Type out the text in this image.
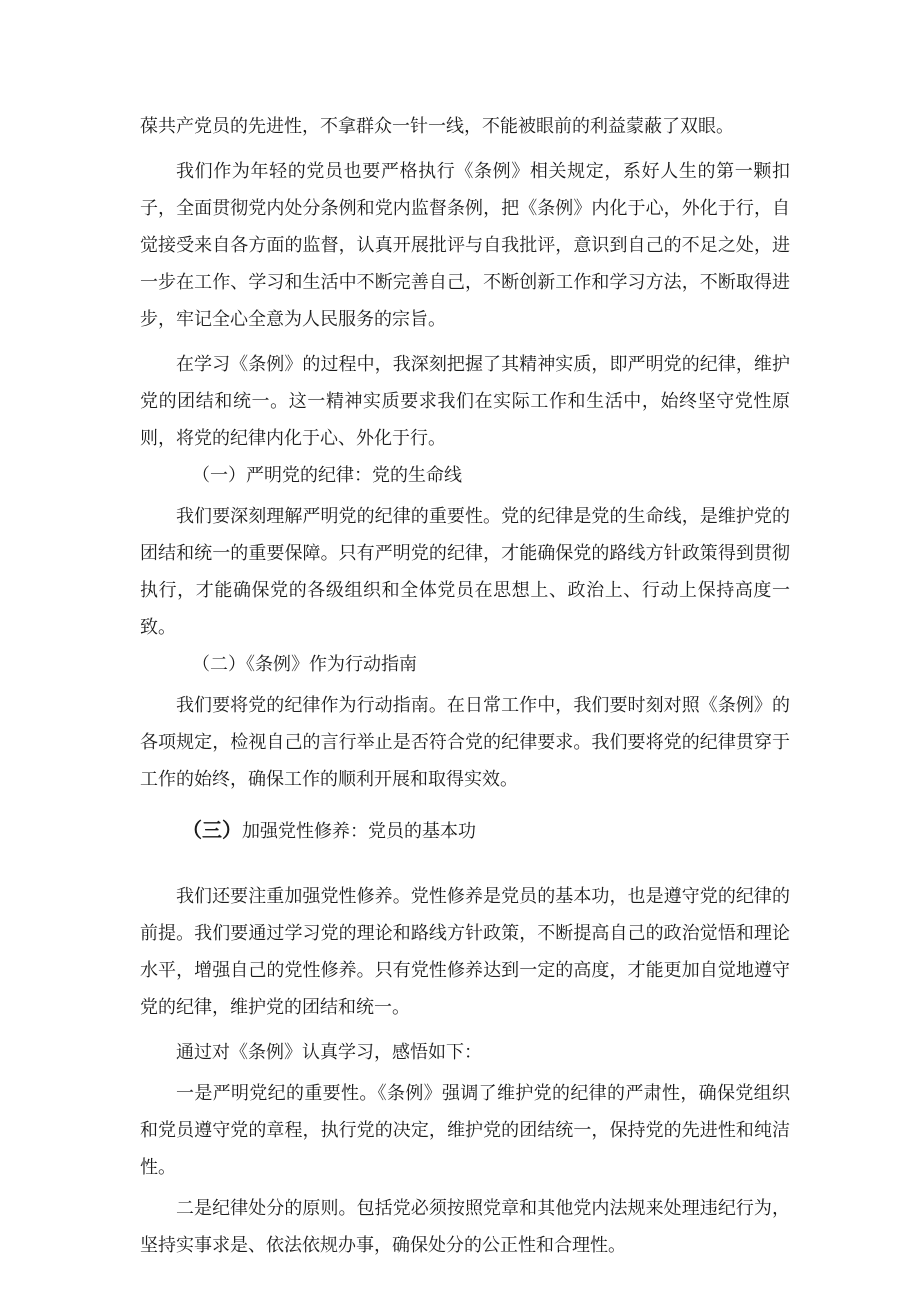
葆共产党员的先进性，不拿群众一针一线，不能被眼前的利益蒙蔽了双眼。

我们作为年轻的党员也要严格执行《条例》相关规定，系好人生的第一颗扣子，全面贯彻党内处分条例和党内监督条例，把《条例》内化于心，外化于行，自觉接受来自各方面的监督，认真开展批评与自我批评，意识到自己的不足之处，进一步在工作、学习和生活中不断完善自己，不断创新工作和学习方法，不断取得进步，牢记全心全意为人民服务的宗旨。

在学习《条例》的过程中，我深刻把握了其精神实质，即严明党的纪律，维护党的团结和统一。这一精神实质要求我们在实际工作和生活中，始终坚守党性原则，将党的纪律内化于心、外化于行。

（一）严明党的纪律：党的生命线

我们要深刻理解严明党的纪律的重要性。党的纪律是党的生命线，是维护党的团结和统一的重要保障。只有严明党的纪律，才能确保党的路线方针政策得到贯彻执行，才能确保党的各级组织和全体党员在思想上、政治上、行动上保持高度一致。

（二）《条例》作为行动指南

我们要将党的纪律作为行动指南。在日常工作中，我们要时刻对照《条例》的各项规定，检视自己的言行举止是否符合党的纪律要求。我们要将党的纪律贯穿于工作的始终，确保工作的顺利开展和取得实效。

（三）加强党性修养：党员的基本功

我们还要注重加强党性修养。党性修养是党员的基本功，也是遵守党的纪律的前提。我们要通过学习党的理论和路线方针政策，不断提高自己的政治觉悟和理论水平，增强自己的党性修养。只有党性修养达到一定的高度，才能更加自觉地遵守党的纪律，维护党的团结和统一。

通过对《条例》认真学习，感悟如下：

一是严明党纪的重要性。《条例》强调了维护党的纪律的严肃性，确保党组织和党员遵守党的章程，执行党的决定，维护党的团结统一，保持党的先进性和纯洁性。

二是纪律处分的原则。包括党必须按照党章和其他党内法规来处理违纪行为，坚持实事求是、依法依规办事，确保处分的公正性和合理性。
